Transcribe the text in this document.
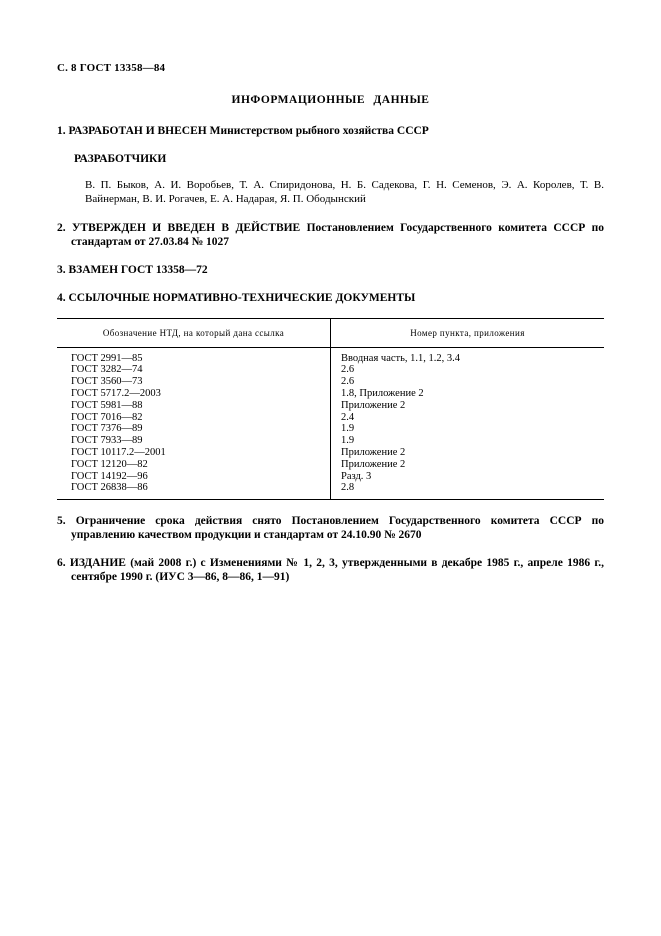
С. 8 ГОСТ 13358—84
ИНФОРМАЦИОННЫЕ ДАННЫЕ

1. РАЗРАБОТАН И ВНЕСЕН Министерством рыбного хозяйства СССР

РАЗРАБОТЧИКИ

В. П. Быков, А. И. Воробьев, Т. А. Спиридонова, Н. Б. Садекова, Г. Н. Семенов, Э. А. Королев, Т. В. Вайнерман, В. И. Рогачев, Е. А. Надарая, Я. П. Ободынский

2. УТВЕРЖДЕН И ВВЕДЕН В ДЕЙСТВИЕ Постановлением Государственного комитета СССР по стандартам от 27.03.84 № 1027

3. ВЗАМЕН ГОСТ 13358—72

4. ССЫЛОЧНЫЕ НОРМАТИВНО-ТЕХНИЧЕСКИЕ ДОКУМЕНТЫ

Обозначение НТД, на который дана ссылка	Номер пункта, приложения
ГОСТ 2991—85	Вводная часть, 1.1, 1.2, 3.4
ГОСТ 3282—74	2.6
ГОСТ 3560—73	2.6
ГОСТ 5717.2—2003	1.8, Приложение 2
ГОСТ 5981—88	Приложение 2
ГОСТ 7016—82	2.4
ГОСТ 7376—89	1.9
ГОСТ 7933—89	1.9
ГОСТ 10117.2—2001	Приложение 2
ГОСТ 12120—82	Приложение 2
ГОСТ 14192—96	Разд. 3
ГОСТ 26838—86	2.8

5. Ограничение срока действия снято Постановлением Государственного комитета СССР по управлению качеством продукции и стандартам от 24.10.90 № 2670

6. ИЗДАНИЕ (май 2008 г.) с Изменениями № 1, 2, 3, утвержденными в декабре 1985 г., апреле 1986 г., сентябре 1990 г. (ИУС 3—86, 8—86, 1—91)
